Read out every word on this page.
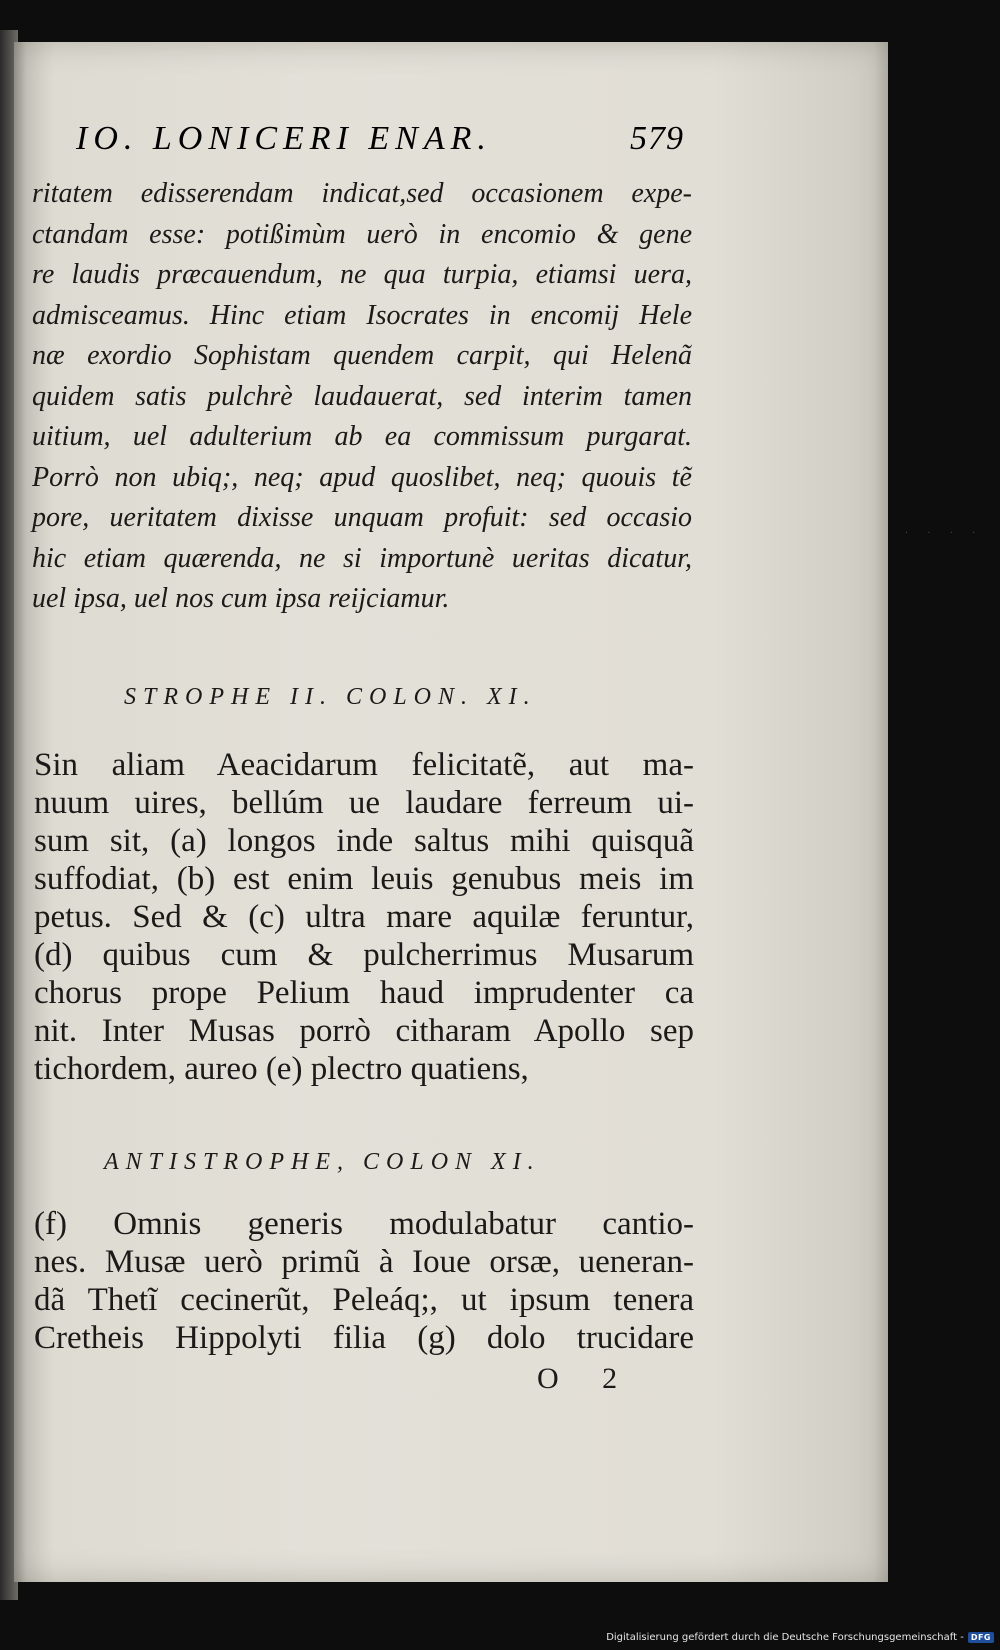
IO. LONICERI ENAR.	579
ritatem edisserendam indicat,sed occasionem expe-
ctandam esse: potißimùm uerò in encomio & gene
re laudis præcauendum, ne qua turpia, etiamsi uera,
admisceamus. Hinc etiam Isocrates in encomij Hele
næ exordio Sophistam quendem carpit, qui Helenã
quidem satis pulchrè laudauerat, sed interim tamen
uitium, uel adulterium ab ea commissum purgarat.
Porrò non ubiq;, neq; apud quoslibet, neq; quouis tẽ
pore, ueritatem dixisse unquam profuit: sed occasio
hic etiam quærenda, ne si importunè ueritas dicatur,
uel ipsa, uel nos cum ipsa reijciamur.
STROPHE II. COLON. XI.
Sin aliam Aeacidarum felicitatẽ, aut ma-
nuum uires, bellúm ue laudare ferreum ui-
sum sit, (a) longos inde saltus mihi quisquã
suffodiat, (b) est enim leuis genubus meis im
petus. Sed & (c) ultra mare aquilæ feruntur,
(d) quibus cum & pulcherrimus Musarum
chorus prope Pelium haud imprudenter ca
nit. Inter Musas porrò citharam Apollo sep
tichordem, aureo (e) plectro quatiens,
ANTISTROPHE, COLON XI.
(f) Omnis generis modulabatur cantio-
nes. Musæ uerò primũ à Ioue orsæ, ueneran-
dã Thetĩ cecinerũt, Peleáq;, ut ipsum tenera
Cretheis Hippolyti filia (g) dolo trucidare
O 2
· · · ·
Digitalisierung gefördert durch die Deutsche Forschungsgemeinschaft - DFG
